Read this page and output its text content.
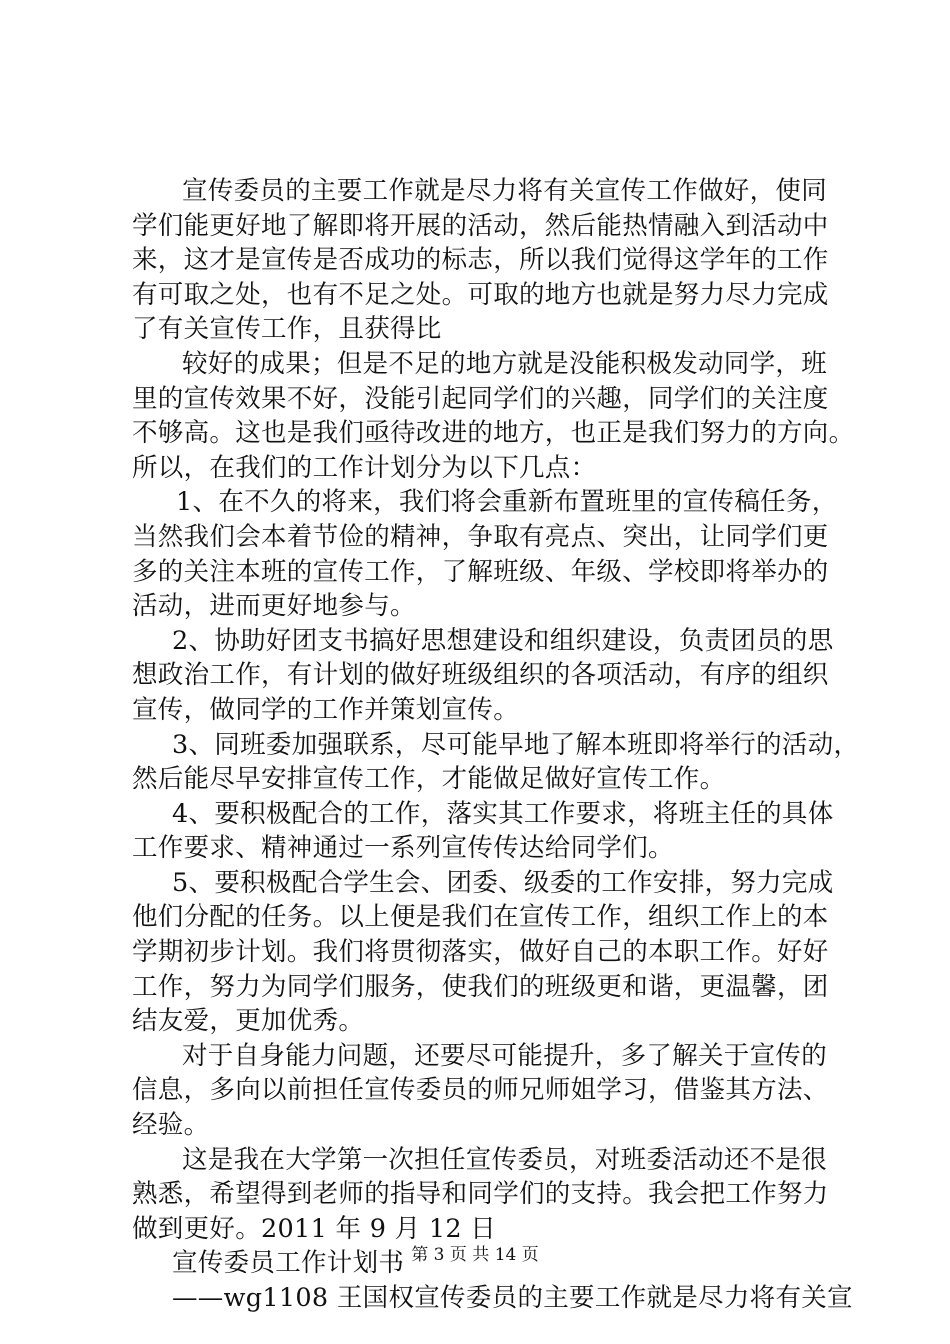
宣传委员的主要工作就是尽力将有关宣传工作做好，使同
学们能更好地了解即将开展的活动，然后能热情融入到活动中
来，这才是宣传是否成功的标志，所以我们觉得这学年的工作
有可取之处，也有不足之处。可取的地方也就是努力尽力完成
了有关宣传工作，且获得比
较好的成果；但是不足的地方就是没能积极发动同学，班
里的宣传效果不好，没能引起同学们的兴趣，同学们的关注度
不够高。这也是我们亟待改进的地方，也正是我们努力的方向。
所以，在我们的工作计划分为以下几点：
1、在不久的将来，我们将会重新布置班里的宣传稿任务，
当然我们会本着节俭的精神，争取有亮点、突出，让同学们更
多的关注本班的宣传工作，了解班级、年级、学校即将举办的
活动，进而更好地参与。
2、协助好团支书搞好思想建设和组织建设，负责团员的思
想政治工作，有计划的做好班级组织的各项活动，有序的组织
宣传，做同学的工作并策划宣传。
3、同班委加强联系，尽可能早地了解本班即将举行的活动，
然后能尽早安排宣传工作，才能做足做好宣传工作。
4、要积极配合的工作，落实其工作要求，将班主任的具体
工作要求、精神通过一系列宣传传达给同学们。
5、要积极配合学生会、团委、级委的工作安排，努力完成
他们分配的任务。以上便是我们在宣传工作，组织工作上的本
学期初步计划。我们将贯彻落实，做好自己的本职工作。好好
工作，努力为同学们服务，使我们的班级更和谐，更温馨，团
结友爱，更加优秀。
对于自身能力问题，还要尽可能提升，多了解关于宣传的
信息，多向以前担任宣传委员的师兄师姐学习，借鉴其方法、
经验。
这是我在大学第一次担任宣传委员，对班委活动还不是很
熟悉，希望得到老师的指导和同学们的支持。我会把工作努力
做到更好。2011 年 9 月 12 日
宣传委员工作计划书
——wg1108 王国权宣传委员的主要工作就是尽力将有关宣
第 3 页 共 14 页
